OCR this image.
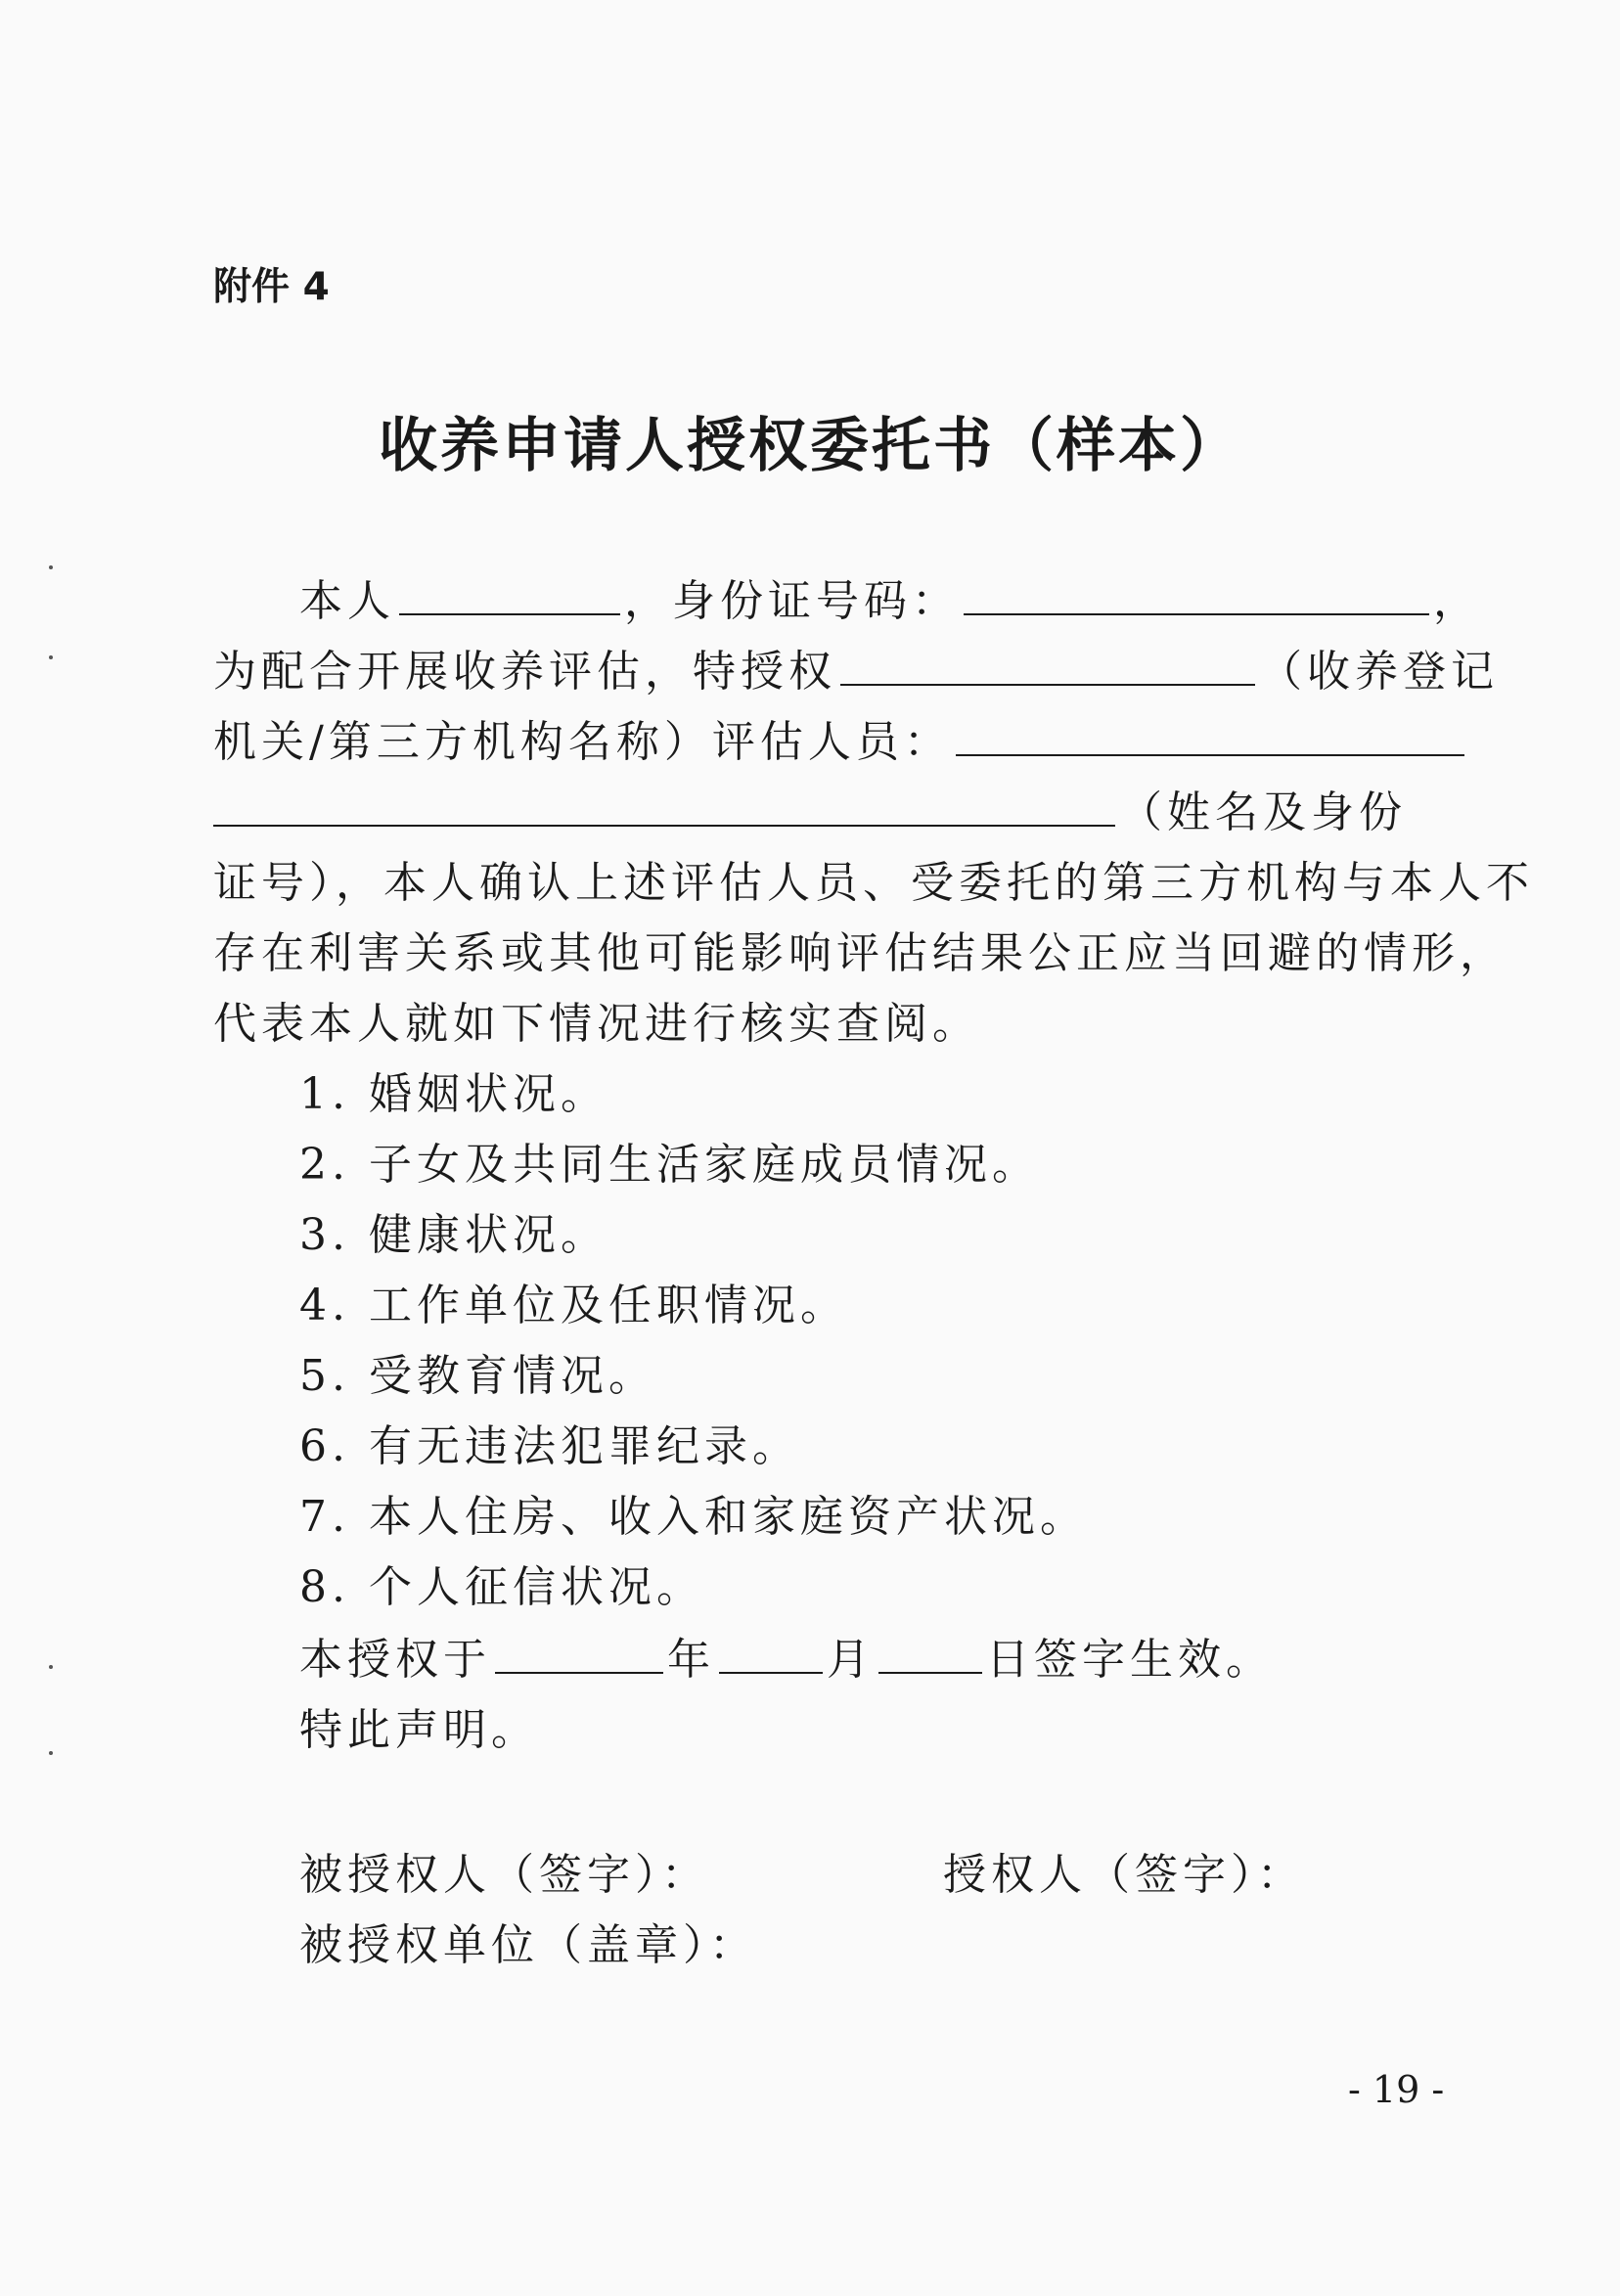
附件 4
收养申请人授权委托书（样本）
本人	，身份证号码：	，
为配合开展收养评估，特授权	（收养登记
机关/第三方机构名称）评估人员：
（姓名及身份
证号），本人确认上述评估人员、受委托的第三方机构与本人不
存在利害关系或其他可能影响评估结果公正应当回避的情形，
代表本人就如下情况进行核实查阅。
1. 婚姻状况。
2. 子女及共同生活家庭成员情况。
3. 健康状况。
4. 工作单位及任职情况。
5. 受教育情况。
6. 有无违法犯罪纪录。
7. 本人住房、收入和家庭资产状况。
8. 个人征信状况。
本授权于	年	月	日签字生效。
特此声明。
被授权人（签字）：	授权人（签字）：
被授权单位（盖章）：
- 19 -
